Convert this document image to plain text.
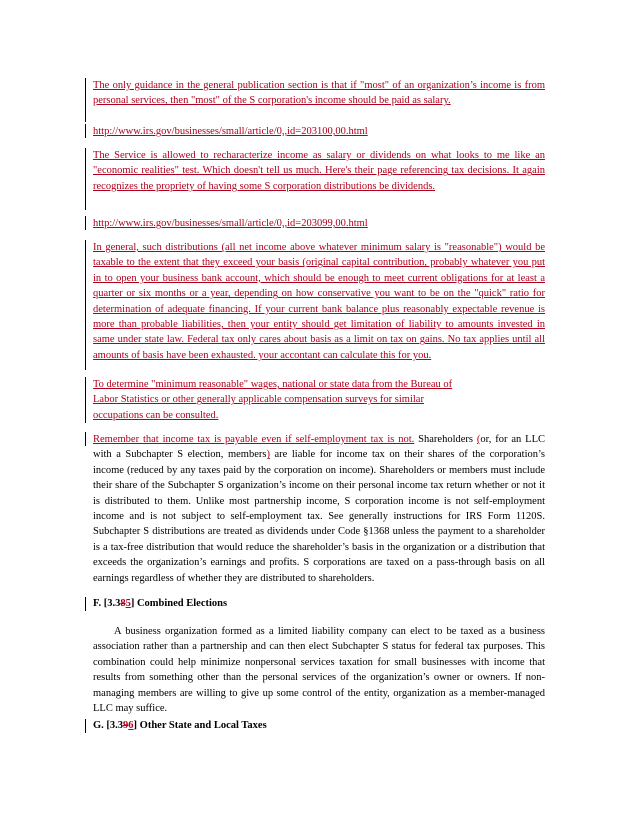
The only guidance in the general publication section is that if "most" of an organization’s income is from personal services, then "most" of the S corporation's income should be paid as salary.
http://www.irs.gov/businesses/small/article/0,,id=203100,00.html
The Service is allowed to recharacterize income as salary or dividends on what looks to me like an "economic realities" test. Which doesn't tell us much. Here's their page referencing tax decisions. It again recognizes the propriety of having some S corporation distributions be dividends.
http://www.irs.gov/businesses/small/article/0,,id=203099,00.html
In general, such distributions (all net income above whatever minimum salary is "reasonable") would be taxable to the extent that they exceed your basis (original capital contribution, probably whatever you put in to open your business bank account, which should be enough to meet current obligations for at least a quarter or six months or a year, depending on how conservative you want to be on the "quick" ratio for determination of adequate financing. If your current bank balance plus reasonably expectable revenue is more than probable liabilities, then your entity should get limitation of liability to amounts invested in same under state law. Federal tax only cares about basis as a limit on tax on gains. No tax applies until all amounts of basis have been exhausted. your accontant can calculate this for you.
To determine "minimum reasonable" wages, national or state data from the Bureau of Labor Statistics or other generally applicable compensation surveys for similar occupations can be consulted.
Remember that income tax is payable even if self-employment tax is not. Shareholders (or, for an LLC with a Subchapter S election, members) are liable for income tax on their shares of the corporation’s income (reduced by any taxes paid by the corporation on income). Shareholders or members must include their share of the Subchapter S organization’s income on their personal income tax return whether or not it is distributed to them. Unlike most partnership income, S corporation income is not self-employment income and is not subject to self-employment tax. See generally instructions for IRS Form 1120S. Subchapter S distributions are treated as dividends under Code §1368 unless the payment to a shareholder is a tax-free distribution that would reduce the shareholder’s basis in the organization or a distribution that exceeds the organization’s earnings and profits. S corporations are taxed on a pass-through basis on all earnings regardless of whether they are distributed to shareholders.
F. [3.385] Combined Elections
A business organization formed as a limited liability company can elect to be taxed as a business association rather than a partnership and can then elect Subchapter S status for federal tax purposes. This combination could help minimize nonpersonal services taxation for small businesses with income that results from something other than the personal services of the organization’s owner or owners. If non-managing members are willing to give up some control of the entity, organization as a member-managed LLC may suffice.
G. [3.396] Other State and Local Taxes
